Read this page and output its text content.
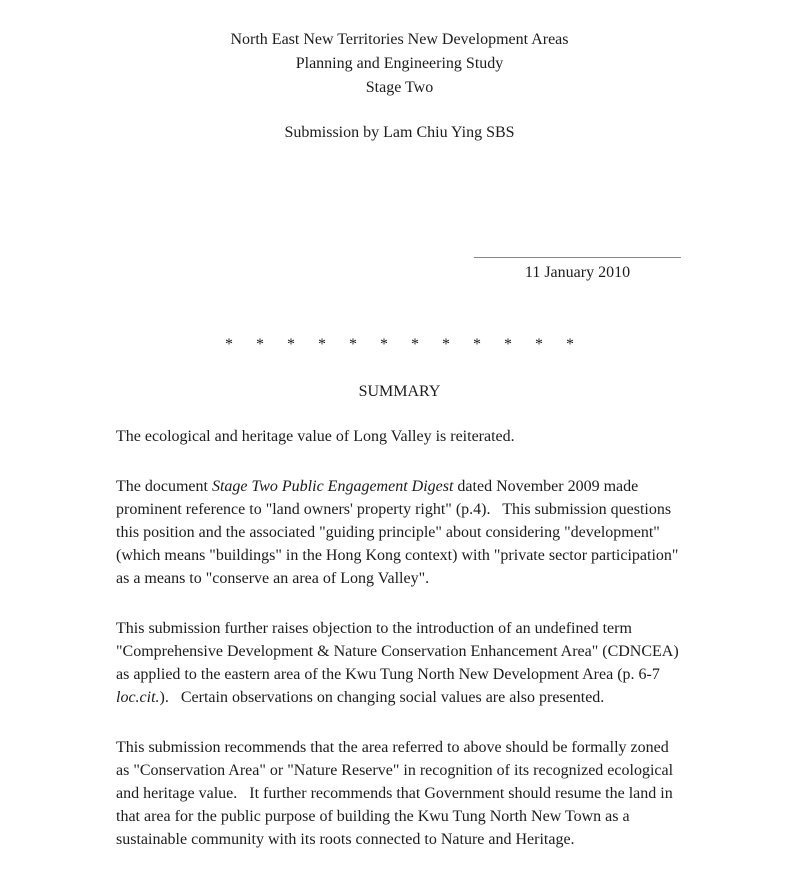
North East New Territories New Development Areas
Planning and Engineering Study
Stage Two
Submission by Lam Chiu Ying SBS
11 January 2010
* * * * * * * * * * * *
SUMMARY

The ecological and heritage value of Long Valley is reiterated.

The document Stage Two Public Engagement Digest dated November 2009 made prominent reference to "land owners' property right" (p.4).   This submission questions this position and the associated "guiding principle" about considering "development" (which means "buildings" in the Hong Kong context) with "private sector participation" as a means to "conserve an area of Long Valley".

This submission further raises objection to the introduction of an undefined term "Comprehensive Development & Nature Conservation Enhancement Area" (CDNCEA) as applied to the eastern area of the Kwu Tung North New Development Area (p. 6-7 loc.cit.).   Certain observations on changing social values are also presented.

This submission recommends that the area referred to above should be formally zoned as "Conservation Area" or "Nature Reserve" in recognition of its recognized ecological and heritage value.   It further recommends that Government should resume the land in that area for the public purpose of building the Kwu Tung North New Town as a sustainable community with its roots connected to Nature and Heritage.
